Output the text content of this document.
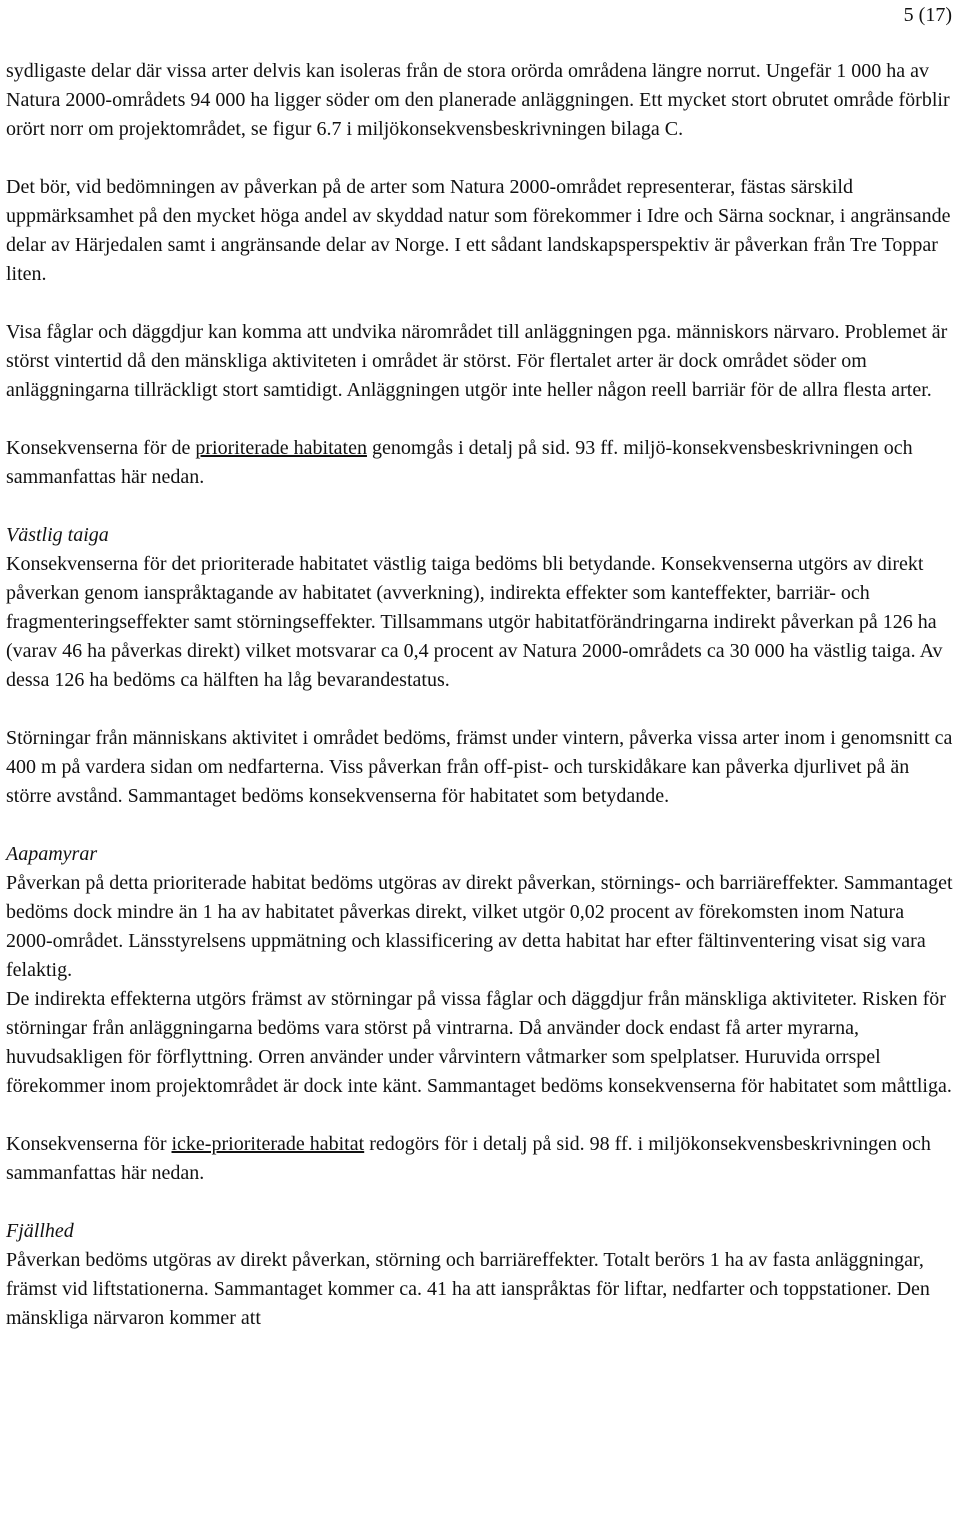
5 (17)

sydligaste delar där vissa arter delvis kan isoleras från de stora orörda områdena längre norrut. Ungefär 1 000 ha av Natura 2000-områdets 94 000 ha ligger söder om den planerade anläggningen. Ett mycket stort obrutet område förblir orört norr om projektområdet, se figur 6.7 i miljökonsekvensbeskrivningen bilaga C.

Det bör, vid bedömningen av påverkan på de arter som Natura 2000-området representerar, fästas särskild uppmärksamhet på den mycket höga andel av skyddad natur som förekommer i Idre och Särna socknar, i angränsande delar av Härjedalen samt i angränsande delar av Norge. I ett sådant landskapsperspektiv är påverkan från Tre Toppar liten.

Visa fåglar och däggdjur kan komma att undvika närområdet till anläggningen pga. människors närvaro. Problemet är störst vintertid då den mänskliga aktiviteten i området är störst. För flertalet arter är dock området söder om anläggningarna tillräckligt stort samtidigt. Anläggningen utgör inte heller någon reell barriär för de allra flesta arter.

Konsekvenserna för de prioriterade habitaten genomgås i detalj på sid. 93 ff. miljö-konsekvensbeskrivningen och sammanfattas här nedan.

Västlig taiga

Konsekvenserna för det prioriterade habitatet västlig taiga bedöms bli betydande. Konsekvenserna utgörs av direkt påverkan genom ianspråktagande av habitatet (avverkning), indirekta effekter som kanteffekter, barriär- och fragmenteringseffekter samt störningseffekter. Tillsammans utgör habitatförändringarna indirekt påverkan på 126 ha (varav 46 ha påverkas direkt) vilket motsvarar ca 0,4 procent av Natura 2000-områdets ca 30 000 ha västlig taiga. Av dessa 126 ha bedöms ca hälften ha låg bevarandestatus.

Störningar från människans aktivitet i området bedöms, främst under vintern, påverka vissa arter inom i genomsnitt ca 400 m på vardera sidan om nedfarterna. Viss påverkan från off-pist- och turskidåkare kan påverka djurlivet på än större avstånd. Sammantaget bedöms konsekvenserna för habitatet som betydande.

Aapamyrar

Påverkan på detta prioriterade habitat bedöms utgöras av direkt påverkan, störnings- och barriäreffekter. Sammantaget bedöms dock mindre än 1 ha av habitatet påverkas direkt, vilket utgör 0,02 procent av förekomsten inom Natura 2000-området. Länsstyrelsens uppmätning och klassificering av detta habitat har efter fältinventering visat sig vara felaktig.

De indirekta effekterna utgörs främst av störningar på vissa fåglar och däggdjur från mänskliga aktiviteter. Risken för störningar från anläggningarna bedöms vara störst på vintrarna. Då använder dock endast få arter myrarna, huvudsakligen för förflyttning. Orren använder under vårvintern våtmarker som spelplatser. Huruvida orrspel förekommer inom projektområdet är dock inte känt. Sammantaget bedöms konsekvenserna för habitatet som måttliga.

Konsekvenserna för icke-prioriterade habitat redogörs för i detalj på sid. 98 ff. i miljökonsekvensbeskrivningen och sammanfattas här nedan.

Fjällhed

Påverkan bedöms utgöras av direkt påverkan, störning och barriäreffekter. Totalt berörs 1 ha av fasta anläggningar, främst vid liftstationerna. Sammantaget kommer ca. 41 ha att ianspråktas för liftar, nedfarter och toppstationer. Den mänskliga närvaron kommer att
